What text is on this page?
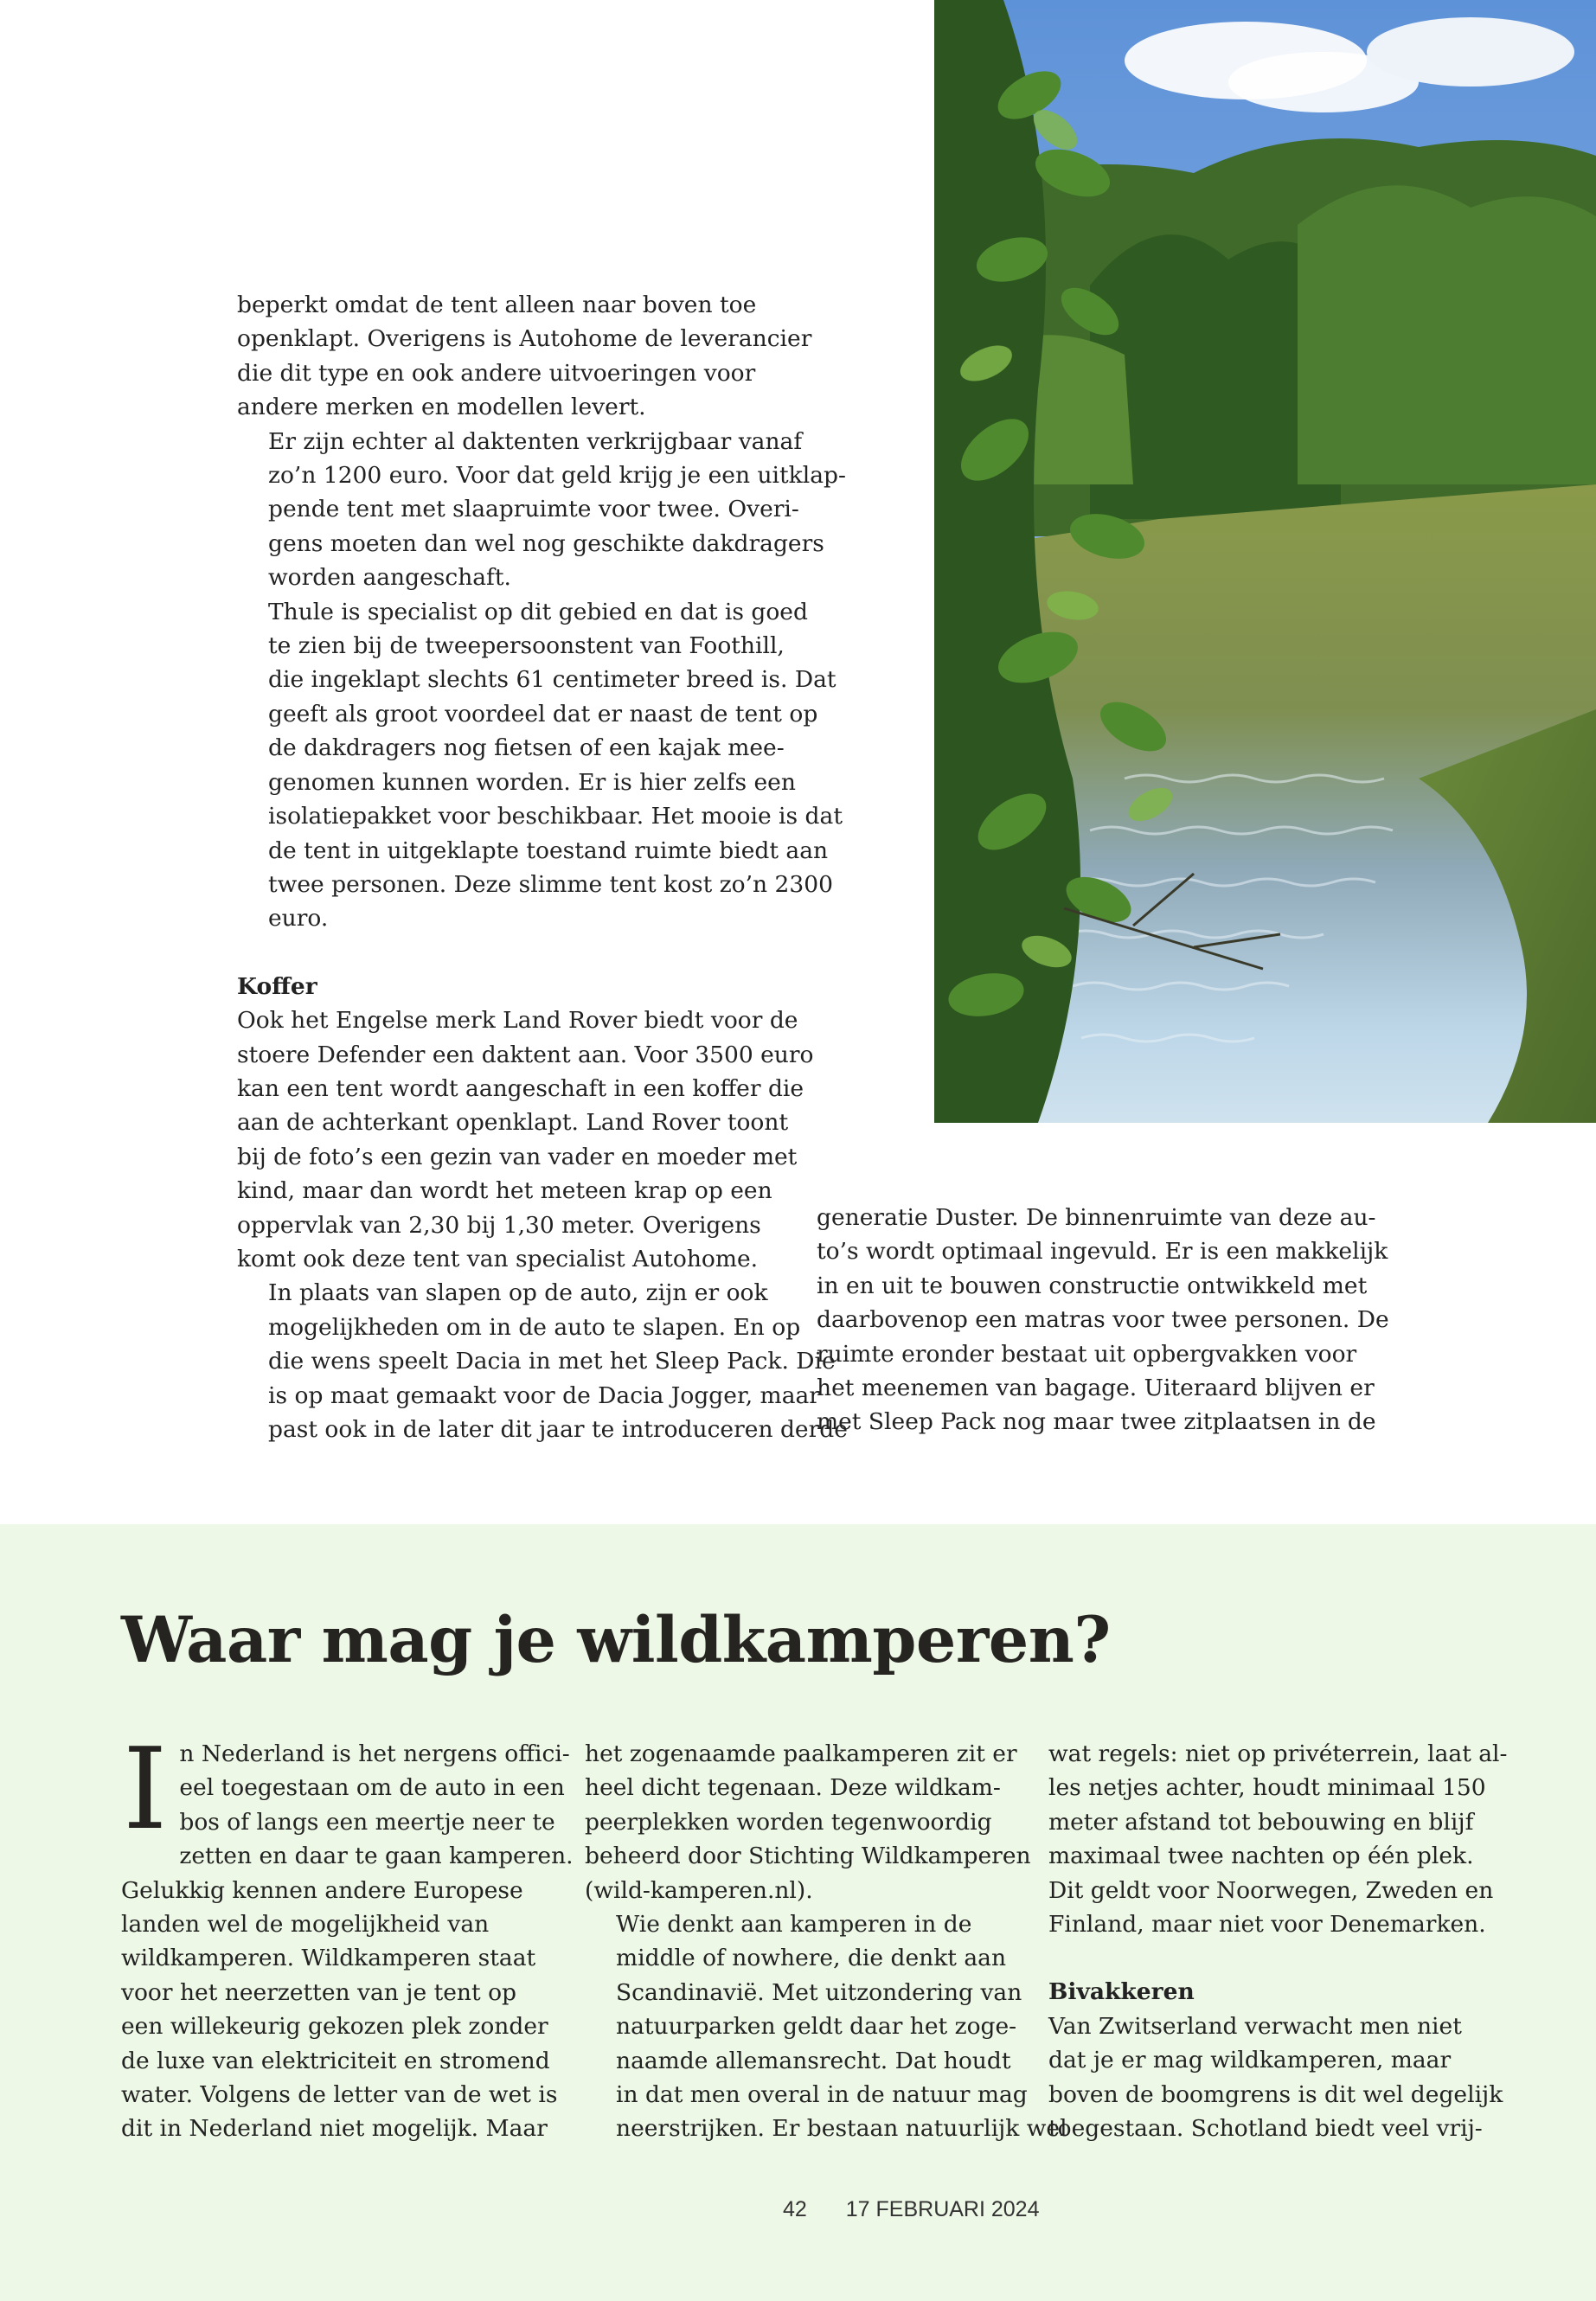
beperkt omdat de tent alleen naar boven toe
openklapt. Overigens is Autohome de leverancier
die dit type en ook andere uitvoeringen voor
andere merken en modellen levert.

Er zijn echter al daktenten verkrijgbaar vanaf
zo’n 1200 euro. Voor dat geld krijg je een uitklap-
pende tent met slaapruimte voor twee. Overi-
gens moeten dan wel nog geschikte dakdragers
worden aangeschaft.

Thule is specialist op dit gebied en dat is goed
te zien bij de tweepersoonstent van Foothill,
die ingeklapt slechts 61 centimeter breed is. Dat
geeft als groot voordeel dat er naast de tent op
de dakdragers nog fietsen of een kajak mee-
genomen kunnen worden. Er is hier zelfs een
isolatiepakket voor beschikbaar. Het mooie is dat
de tent in uitgeklapte toestand ruimte biedt aan
twee personen. Deze slimme tent kost zo’n 2300
euro.

Koffer

Ook het Engelse merk Land Rover biedt voor de
stoere Defender een daktent aan. Voor 3500 euro
kan een tent wordt aangeschaft in een koffer die
aan de achterkant openklapt. Land Rover toont
bij de foto’s een gezin van vader en moeder met
kind, maar dan wordt het meteen krap op een
oppervlak van 2,30 bij 1,30 meter. Overigens
komt ook deze tent van specialist Autohome.

In plaats van slapen op de auto, zijn er ook
mogelijkheden om in de auto te slapen. En op
die wens speelt Dacia in met het Sleep Pack. Die
is op maat gemaakt voor de Dacia Jogger, maar
past ook in de later dit jaar te introduceren derde

generatie Duster. De binnenruimte van deze au-
to’s wordt optimaal ingevuld. Er is een makkelijk
in en uit te bouwen constructie ontwikkeld met
daarbovenop een matras voor twee personen. De
ruimte eronder bestaat uit opbergvakken voor
het meenemen van bagage. Uiteraard blijven er
met Sleep Pack nog maar twee zitplaatsen in de

Waar mag je wildkamperen?
I n Nederland is het nergens offici-
eel toegestaan om de auto in een
bos of langs een meertje neer te
zetten en daar te gaan kamperen.
Gelukkig kennen andere Europese
landen wel de mogelijkheid van
wildkamperen. Wildkamperen staat
voor het neerzetten van je tent op
een willekeurig gekozen plek zonder
de luxe van elektriciteit en stromend
water. Volgens de letter van de wet is
dit in Nederland niet mogelijk. Maar

het zogenaamde paalkamperen zit er
heel dicht tegenaan. Deze wildkam-
peerplekken worden tegenwoordig
beheerd door Stichting Wildkamperen
(wild-kamperen.nl).

Wie denkt aan kamperen in de
middle of nowhere, die denkt aan
Scandinavië. Met uitzondering van
natuurparken geldt daar het zoge-
naamde allemansrecht. Dat houdt
in dat men overal in de natuur mag
neerstrijken. Er bestaan natuurlijk wel

wat regels: niet op privéterrein, laat al-
les netjes achter, houdt minimaal 150
meter afstand tot bebouwing en blijf
maximaal twee nachten op één plek.
Dit geldt voor Noorwegen, Zweden en
Finland, maar niet voor Denemarken.

Bivakkeren

Van Zwitserland verwacht men niet
dat je er mag wildkamperen, maar
boven de boomgrens is dit wel degelijk
toegestaan. Schotland biedt veel vrij-

42 17 FEBRUARI 2024
